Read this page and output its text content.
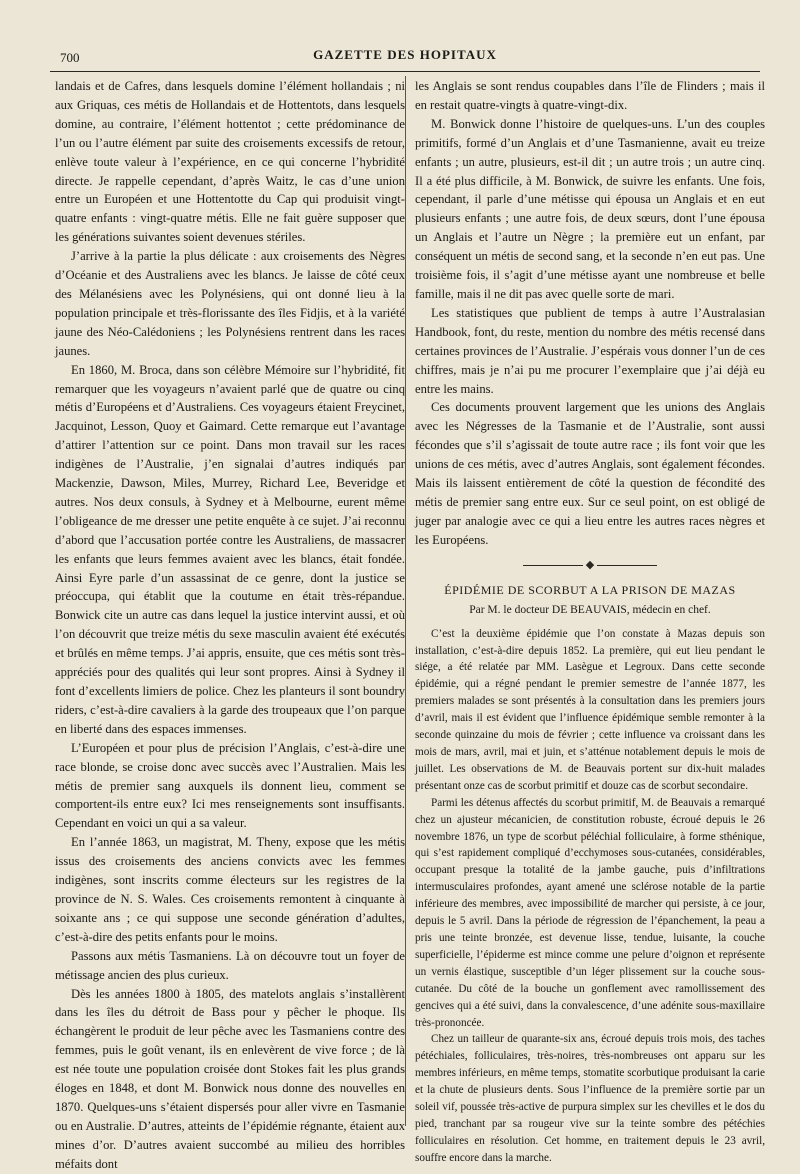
700	GAZETTE DES HOPITAUX

landais et de Cafres, dans lesquels domine l’élément hollandais ; ni aux Griquas, ces métis de Hollandais et de Hottentots, dans lesquels domine, au contraire, l’élément hottentot ; cette prédominance de l’un ou l’autre élément par suite des croisements excessifs de retour, enlève toute valeur à l’expérience, en ce qui concerne l’hybridité directe. Je rappelle cependant, d’après Waitz, le cas d’une union entre un Européen et une Hottentotte du Cap qui produisit vingt-quatre enfants : vingt-quatre métis. Elle ne fait guère supposer que les générations suivantes soient devenues stériles.

J’arrive à la partie la plus délicate : aux croisements des Nègres d’Océanie et des Australiens avec les blancs. Je laisse de côté ceux des Mélanésiens avec les Polynésiens, qui ont donné lieu à la population principale et très-florissante des îles Fidjis, et à la variété jaune des Néo-Calédoniens ; les Polynésiens rentrent dans les races jaunes.

En 1860, M. Broca, dans son célèbre Mémoire sur l’hybridité, fit remarquer que les voyageurs n’avaient parlé que de quatre ou cinq métis d’Européens et d’Australiens. Ces voyageurs étaient Freycinet, Jacquinot, Lesson, Quoy et Gaimard. Cette remarque eut l’avantage d’attirer l’attention sur ce point. Dans mon travail sur les races indigènes de l’Australie, j’en signalai d’autres indiqués par Mackenzie, Dawson, Miles, Murrey, Richard Lee, Beveridge et autres. Nos deux consuls, à Sydney et à Melbourne, eurent même l’obligeance de me dresser une petite enquête à ce sujet. J’ai reconnu d’abord que l’accusation portée contre les Australiens, de massacrer les enfants que leurs femmes avaient avec les blancs, était fondée. Ainsi Eyre parle d’un assassinat de ce genre, dont la justice se préoccupa, qui établit que la coutume en était très-répandue. Bonwick cite un autre cas dans lequel la justice intervint aussi, et où l’on découvrit que treize métis du sexe masculin avaient été exécutés et brûlés en même temps. J’ai appris, ensuite, que ces métis sont très-appréciés pour des qualités qui leur sont propres. Ainsi à Sydney il font d’excellents limiers de police. Chez les planteurs il sont boundry riders, c’est-à-dire cavaliers à la garde des troupeaux que l’on parque en liberté dans des espaces immenses.

L’Européen et pour plus de précision l’Anglais, c’est-à-dire une race blonde, se croise donc avec succès avec l’Australien. Mais les métis de premier sang auxquels ils donnent lieu, comment se comportent-ils entre eux? Ici mes renseignements sont insuffisants. Cependant en voici un qui a sa valeur.

En l’année 1863, un magistrat, M. Theny, expose que les métis issus des croisements des anciens convicts avec les femmes indigènes, sont inscrits comme électeurs sur les registres de la province de N. S. Wales. Ces croisements remontent à cinquante à soixante ans ; ce qui suppose une seconde génération d’adultes, c’est-à-dire des petits enfants pour le moins.

Passons aux métis Tasmaniens. Là on découvre tout un foyer de métissage ancien des plus curieux.

Dès les années 1800 à 1805, des matelots anglais s’installèrent dans les îles du détroit de Bass pour y pêcher le phoque. Ils échangèrent le produit de leur pêche avec les Tasmaniens contre des femmes, puis le goût venant, ils en enlevèrent de vive force ; de là est née toute une population croisée dont Stokes fait les plus grands éloges en 1848, et dont M. Bonwick nous donne des nouvelles en 1870. Quelques-uns s’étaient dispersés pour aller vivre en Tasmanie ou en Australie. D’autres, atteints de l’épidémie régnante, étaient aux mines d’or. D’autres avaient succombé au milieu des horribles méfaits dont

les Anglais se sont rendus coupables dans l’île de Flinders ; mais il en restait quatre-vingts à quatre-vingt-dix.

M. Bonwick donne l’histoire de quelques-uns. L’un des couples primitifs, formé d’un Anglais et d’une Tasmanienne, avait eu treize enfants ; un autre, plusieurs, est-il dit ; un autre trois ; un autre cinq. Il a été plus difficile, à M. Bonwick, de suivre les enfants. Une fois, cependant, il parle d’une métisse qui épousa un Anglais et en eut plusieurs enfants ; une autre fois, de deux sœurs, dont l’une épousa un Anglais et l’autre un Nègre ; la première eut un enfant, par conséquent un métis de second sang, et la seconde n’en eut pas. Une troisième fois, il s’agit d’une métisse ayant une nombreuse et belle famille, mais il ne dit pas avec quelle sorte de mari.

Les statistiques que publient de temps à autre l’Australasian Handbook, font, du reste, mention du nombre des métis recensé dans certaines provinces de l’Australie. J’espérais vous donner l’un de ces chiffres, mais je n’ai pu me procurer l’exemplaire que j’ai déjà eu entre les mains.

Ces documents prouvent largement que les unions des Anglais avec les Négresses de la Tasmanie et de l’Australie, sont aussi fécondes que s’il s’agissait de toute autre race ; ils font voir que les unions de ces métis, avec d’autres Anglais, sont également fécondes. Mais ils laissent entièrement de côté la question de fécondité des métis de premier sang entre eux. Sur ce seul point, on est obligé de juger par analogie avec ce qui a lieu entre les autres races nègres et les Européens.

◆
ÉPIDÉMIE DE SCORBUT A LA PRISON DE MAZAS
Par M. le docteur DE BEAUVAIS, médecin en chef.

C’est la deuxième épidémie que l’on constate à Mazas depuis son installation, c’est-à-dire depuis 1852. La première, qui eut lieu pendant le siége, a été relatée par MM. Lasègue et Legroux. Dans cette seconde épidémie, qui a régné pendant le premier semestre de l’année 1877, les premiers malades se sont présentés à la consultation dans les premiers jours d’avril, mais il est évident que l’influence épidémique semble remonter à la seconde quinzaine du mois de février ; cette influence va croissant dans les mois de mars, avril, mai et juin, et s’atténue notablement depuis le mois de juillet. Les observations de M. de Beauvais portent sur dix-huit malades présentant onze cas de scorbut primitif et douze cas de scorbut secondaire.

Parmi les détenus affectés du scorbut primitif, M. de Beauvais a remarqué chez un ajusteur mécanicien, de constitution robuste, écroué depuis le 26 novembre 1876, un type de scorbut péléchial folliculaire, à forme sthénique, qui s’est rapidement compliqué d’ecchymoses sous-cutanées, considérables, occupant presque la totalité de la jambe gauche, puis d’infiltrations intermusculaires profondes, ayant amené une sclérose notable de la partie inférieure des membres, avec impossibilité de marcher qui persiste, à ce jour, depuis le 5 avril. Dans la période de régression de l’épanchement, la peau a pris une teinte bronzée, est devenue lisse, tendue, luisante, la couche superficielle, l’épiderme est mince comme une pelure d’oignon et représente un vernis élastique, susceptible d’un léger plissement sur la couche sous-cutanée. Du côté de la bouche un gonflement avec ramollissement des gencives qui a été suivi, dans la convalescence, d’une adénite sous-maxillaire très-prononcée.

Chez un tailleur de quarante-six ans, écroué depuis trois mois, des taches pétéchiales, folliculaires, très-noires, très-nombreuses ont apparu sur les membres inférieurs, en même temps, stomatite scorbutique produisant la carie et la chute de plusieurs dents. Sous l’influence de la première sortie par un soleil vif, poussée très-active de purpura simplex sur les chevilles et le dos du pied, tranchant par sa rougeur vive sur la teinte sombre des pétéchies folliculaires en résolution. Cet homme, en traitement depuis le 23 avril, souffre encore dans la marche.
